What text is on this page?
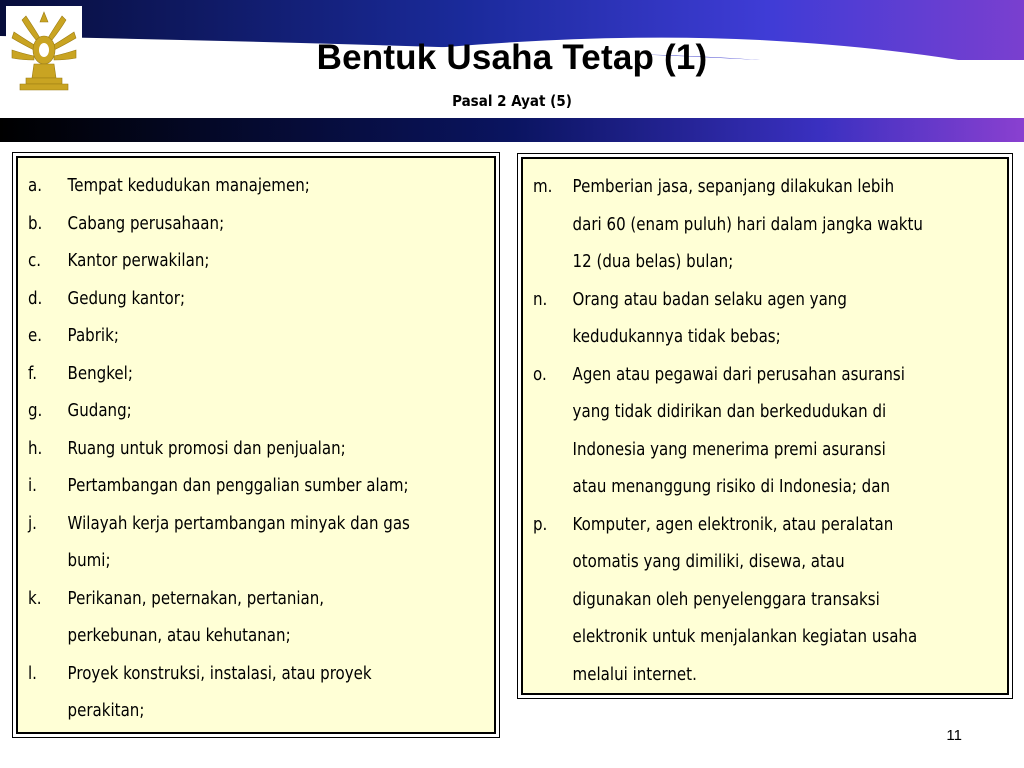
Bentuk Usaha Tetap (1)
Pasal 2 Ayat (5)
a.	Tempat kedudukan manajemen;
b.	Cabang perusahaan;
c.	Kantor perwakilan;
d.	Gedung kantor;
e.	Pabrik;
f.	Bengkel;
g.	Gudang;
h.	Ruang untuk promosi dan penjualan;
i.	Pertambangan dan penggalian sumber alam;
j.	Wilayah kerja pertambangan minyak dan gas
bumi;
k.	Perikanan, peternakan, pertanian,
perkebunan, atau kehutanan;
l.	Proyek konstruksi, instalasi, atau proyek
perakitan;
m.	Pemberian jasa, sepanjang dilakukan lebih
dari 60 (enam puluh) hari dalam jangka waktu
12 (dua belas) bulan;
n.	Orang atau badan selaku agen yang
kedudukannya tidak bebas;
o.	Agen atau pegawai dari perusahan asuransi
yang tidak didirikan dan berkedudukan di
Indonesia yang menerima premi asuransi
atau menanggung risiko di Indonesia; dan
p.	Komputer, agen elektronik, atau peralatan
otomatis yang dimiliki, disewa, atau
digunakan oleh penyelenggara transaksi
elektronik untuk menjalankan kegiatan usaha
melalui internet.
11
